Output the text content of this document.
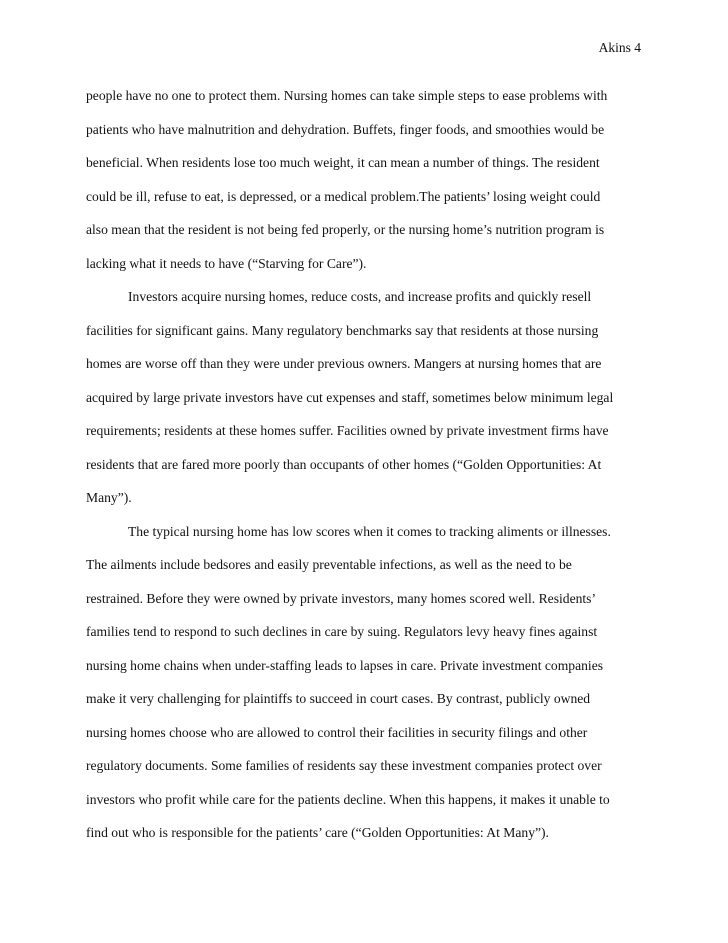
Akins 4
people have no one to protect them. Nursing homes can take simple steps to ease problems with
patients who have malnutrition and dehydration. Buffets, finger foods, and smoothies would be
beneficial. When residents lose too much weight, it can mean a number of things. The resident
could be ill, refuse to eat, is depressed, or a medical problem.The patients’ losing weight could
also mean that the resident is not being fed properly, or the nursing home’s nutrition program is
lacking what it needs to have (“Starving for Care”).
Investors acquire nursing homes, reduce costs, and increase profits and quickly resell
facilities for significant gains. Many regulatory benchmarks say that residents at those nursing
homes are worse off than they were under previous owners. Mangers at nursing homes that are
acquired by large private investors have cut expenses and staff, sometimes below minimum legal
requirements; residents at these homes suffer. Facilities owned by private investment firms have
residents that are fared more poorly than occupants of other homes (“Golden Opportunities: At
Many”).
The typical nursing home has low scores when it comes to tracking aliments or illnesses.
The ailments include bedsores and easily preventable infections, as well as the need to be
restrained. Before they were owned by private investors, many homes scored well. Residents’
families tend to respond to such declines in care by suing. Regulators levy heavy fines against
nursing home chains when under-staffing leads to lapses in care. Private investment companies
make it very challenging for plaintiffs to succeed in court cases. By contrast, publicly owned
nursing homes choose who are allowed to control their facilities in security filings and other
regulatory documents. Some families of residents say these investment companies protect over
investors who profit while care for the patients decline. When this happens, it makes it unable to
find out who is responsible for the patients’ care (“Golden Opportunities: At Many”).
